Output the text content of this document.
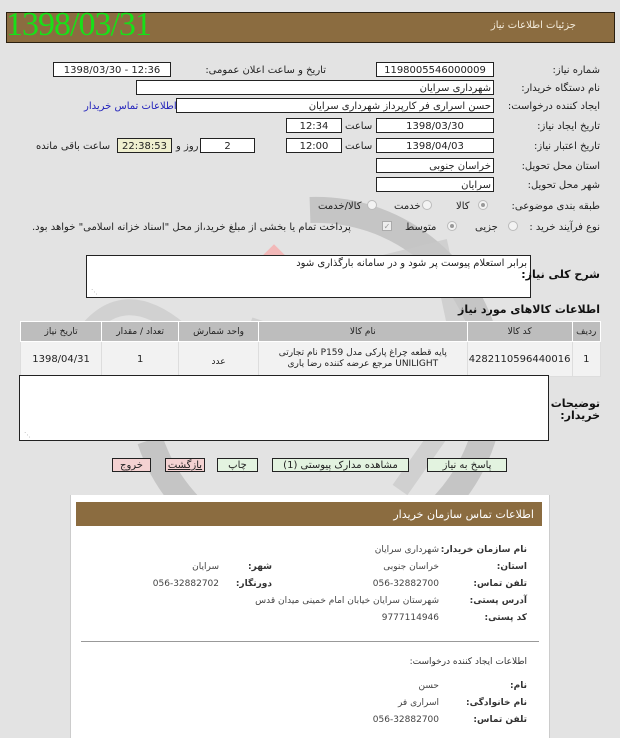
1398/03/31	جزئیات اطلاعات نیاز
شماره نیاز:
1198005546000009
تاریخ و ساعت اعلان عمومی:
1398/03/30 - 12:36
نام دستگاه خریدار:
شهرداری سرایان
ایجاد کننده درخواست:
حسن اسراری فر کارپرداز شهرداری سرایان
اطلاعات تماس خریدار
تاریخ ایجاد نیاز:
1398/03/30
ساعت
12:34
تاریخ اعتبار نیاز:
1398/04/03
ساعت
12:00
2
روز و
22:38:53
ساعت باقی مانده
استان محل تحویل:
خراسان جنوبی
شهر محل تحویل:
سرایان
طبقه بندی موضوعی:
کالا
خدمت
کالا/خدمت
نوع فرآیند خرید :
جزیی
متوسط
✓
پرداخت تمام یا بخشی از مبلغ خرید،از محل "اسناد خزانه اسلامی" خواهد بود.
برابر استعلام پیوست پر شود و در سامانه بارگذاری شود
⋰
شرح کلی نیاز:
اطلاعات کالاهای مورد نیاز
ردیف	کد کالا	نام کالا	واحد شمارش	تعداد / مقدار	تاریخ نیاز
1	4282110596440016	پایه قطعه چراغ پارکی مدل P159 نام تجارتی UNILIGHT مرجع عرضه کننده رضا یاری	عدد	1	1398/04/31
⋰
توضیحات خریدار:
پاسخ به نیاز
مشاهده مدارک پیوستی (1)
چاپ
بازگشت
خروج
اطلاعات تماس سازمان خریدار
نام سازمان خریدار:
شهرداری سرایان
استان:
خراسان جنوبی
شهر:
سرایان
تلفن تماس:
056-32882700
دورنگار:
056-32882702
آدرس پستی:
شهرستان سرایان خیابان امام خمینی میدان قدس
کد پستی:
9777114946
اطلاعات ایجاد کننده درخواست:
نام:
حسن
نام خانوادگی:
اسراری فر
تلفن تماس:
056-32882700
